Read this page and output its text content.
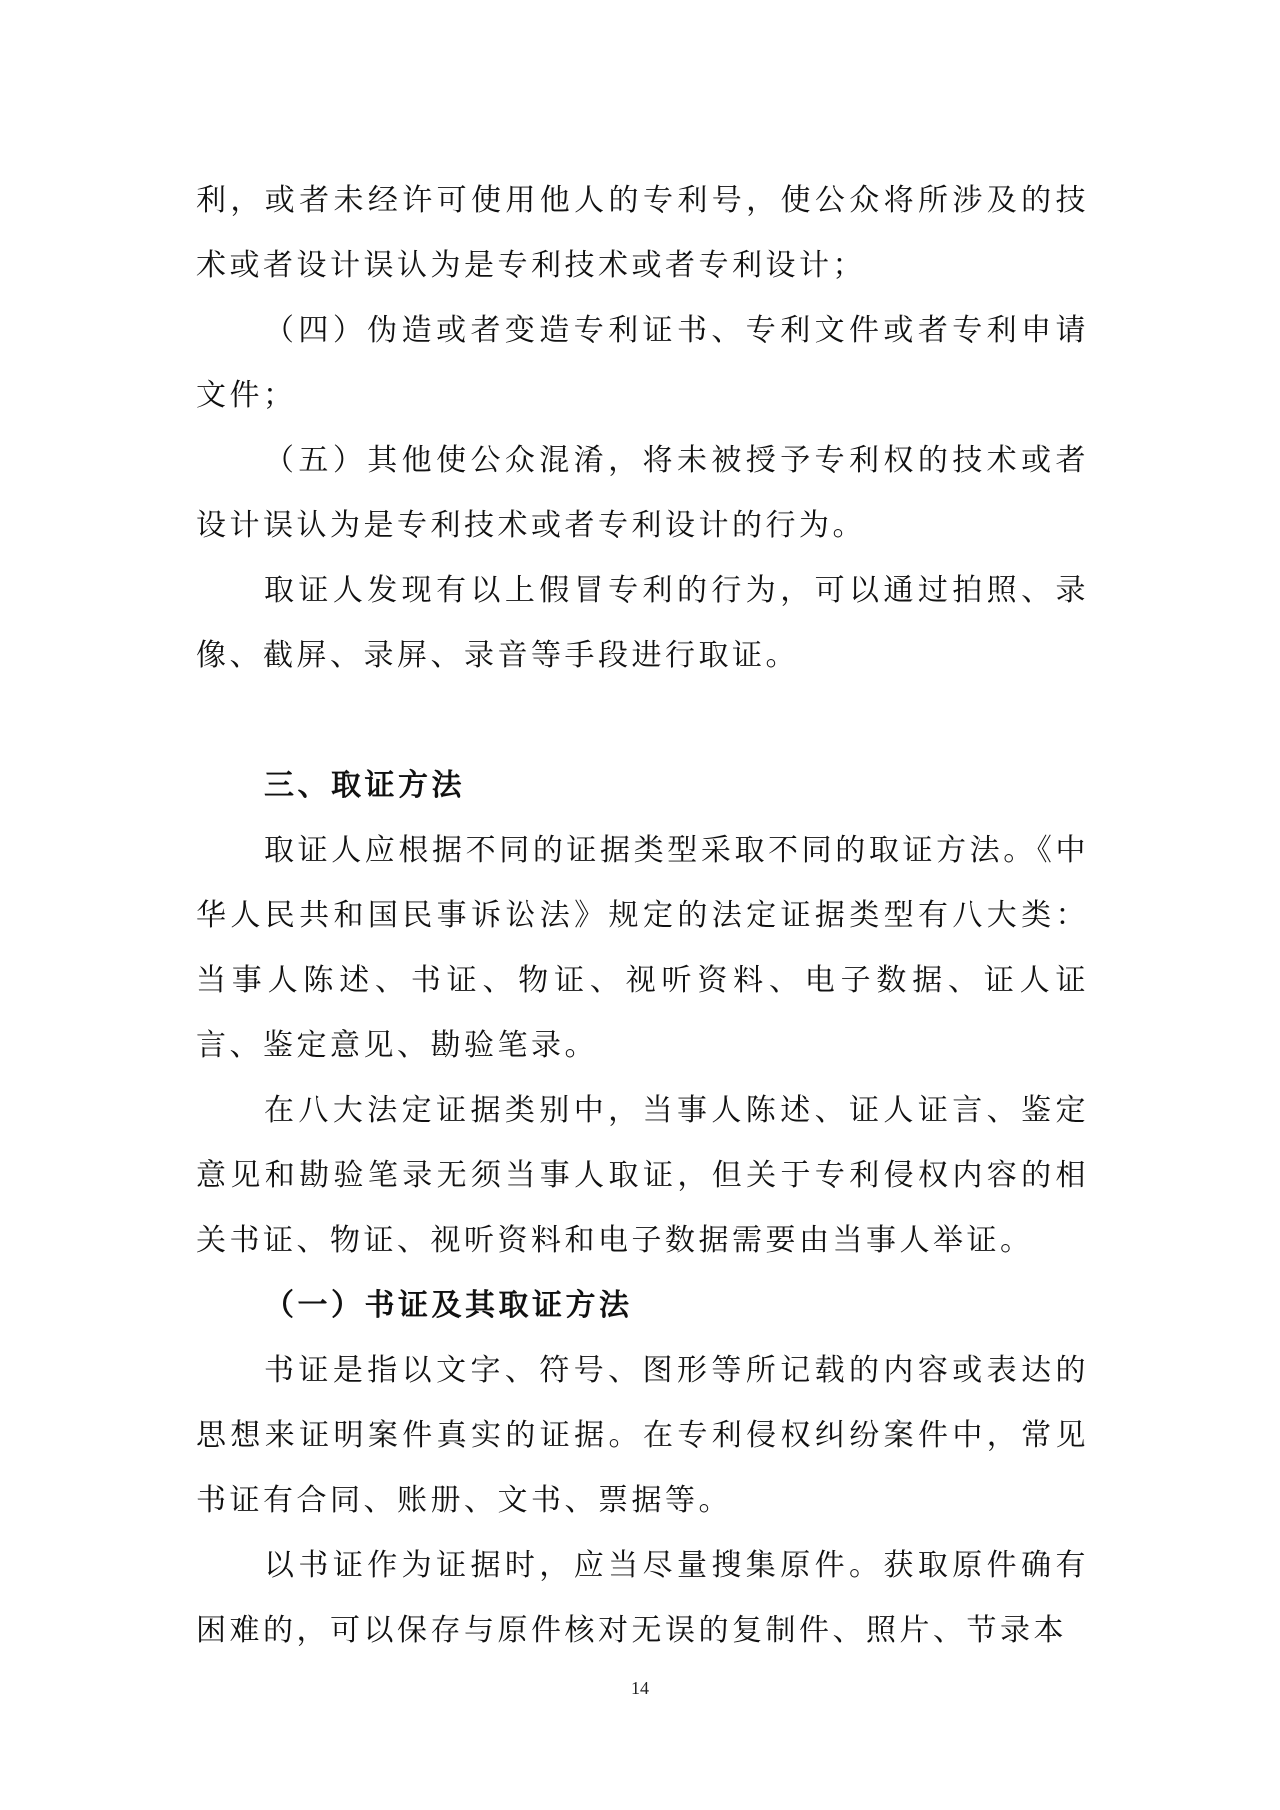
利，或者未经许可使用他人的专利号，使公众将所涉及的技术或者设计误认为是专利技术或者专利设计；

（四）伪造或者变造专利证书、专利文件或者专利申请文件；

（五）其他使公众混淆，将未被授予专利权的技术或者设计误认为是专利技术或者专利设计的行为。

取证人发现有以上假冒专利的行为，可以通过拍照、录像、截屏、录屏、录音等手段进行取证。

三、取证方法

取证人应根据不同的证据类型采取不同的取证方法。《中华人民共和国民事诉讼法》规定的法定证据类型有八大类：当事人陈述、书证、物证、视听资料、电子数据、证人证言、鉴定意见、勘验笔录。

在八大法定证据类别中，当事人陈述、证人证言、鉴定意见和勘验笔录无须当事人取证，但关于专利侵权内容的相关书证、物证、视听资料和电子数据需要由当事人举证。

（一）书证及其取证方法

书证是指以文字、符号、图形等所记载的内容或表达的思想来证明案件真实的证据。在专利侵权纠纷案件中，常见书证有合同、账册、文书、票据等。

以书证作为证据时，应当尽量搜集原件。获取原件确有困难的，可以保存与原件核对无误的复制件、照片、节录本

14
